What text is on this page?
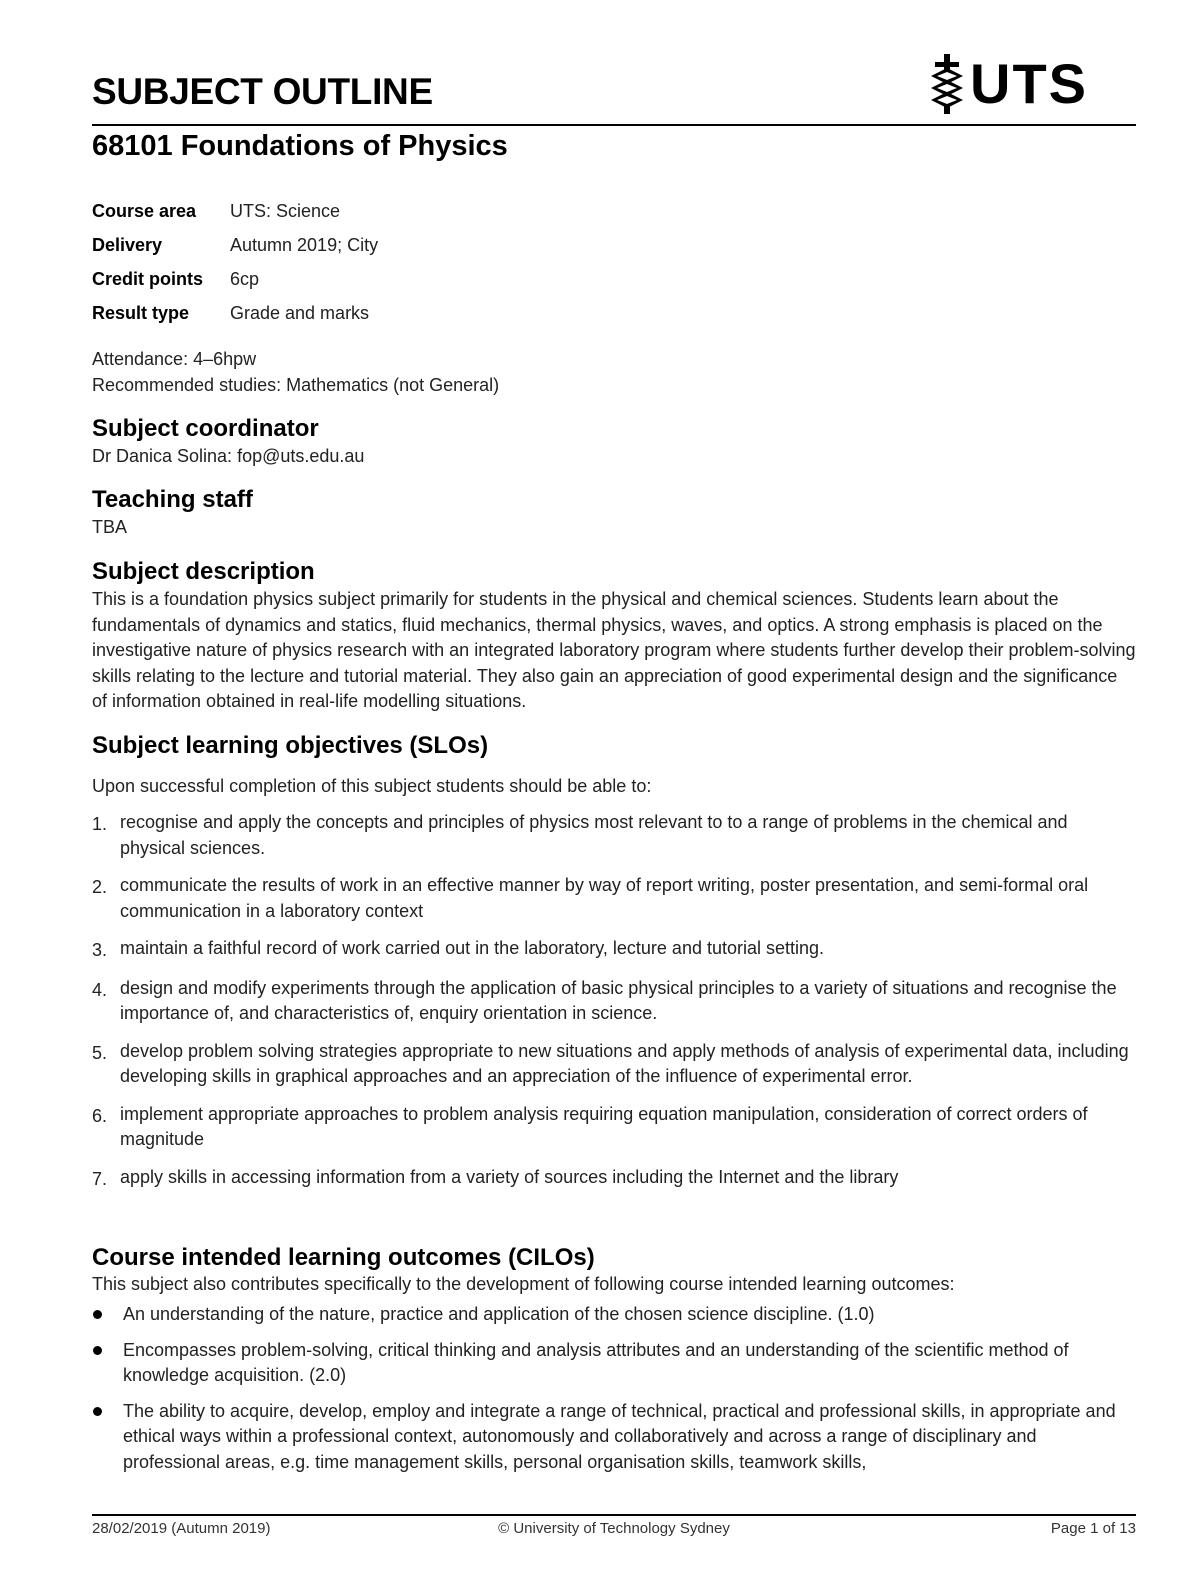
SUBJECT OUTLINE	UTS
68101 Foundations of Physics
Course area	UTS: Science
Delivery	Autumn 2019; City
Credit points	6cp
Result type	Grade and marks
Attendance: 4–6hpw
Recommended studies: Mathematics (not General)
Subject coordinator

Dr Danica Solina: fop@uts.edu.au

Teaching staff

TBA

Subject description

This is a foundation physics subject primarily for students in the physical and chemical sciences. Students learn about the fundamentals of dynamics and statics, fluid mechanics, thermal physics, waves, and optics. A strong emphasis is placed on the investigative nature of physics research with an integrated laboratory program where students further develop their problem-solving skills relating to the lecture and tutorial material. They also gain an appreciation of good experimental design and the significance of information obtained in real-life modelling situations.

Subject learning objectives (SLOs)

Upon successful completion of this subject students should be able to:

1. recognise and apply the concepts and principles of physics most relevant to to a range of problems in the chemical and physical sciences.
2. communicate the results of work in an effective manner by way of report writing, poster presentation, and semi-formal oral communication in a laboratory context
3. maintain a faithful record of work carried out in the laboratory, lecture and tutorial setting.
4. design and modify experiments through the application of basic physical principles to a variety of situations and recognise the importance of, and characteristics of, enquiry orientation in science.
5. develop problem solving strategies appropriate to new situations and apply methods of analysis of experimental data, including developing skills in graphical approaches and an appreciation of the influence of experimental error.
6. implement appropriate approaches to problem analysis requiring equation manipulation, consideration of correct orders of magnitude
7. apply skills in accessing information from a variety of sources including the Internet and the library
Course intended learning outcomes (CILOs)

This subject also contributes specifically to the development of following course intended learning outcomes:

An understanding of the nature, practice and application of the chosen science discipline. (1.0)
Encompasses problem-solving, critical thinking and analysis attributes and an understanding of the scientific method of knowledge acquisition. (2.0)
The ability to acquire, develop, employ and integrate a range of technical, practical and professional skills, in appropriate and ethical ways within a professional context, autonomously and collaboratively and across a range of disciplinary and professional areas, e.g. time management skills, personal organisation skills, teamwork skills,
28/02/2019 (Autumn 2019)	© University of Technology Sydney	Page 1 of 13
